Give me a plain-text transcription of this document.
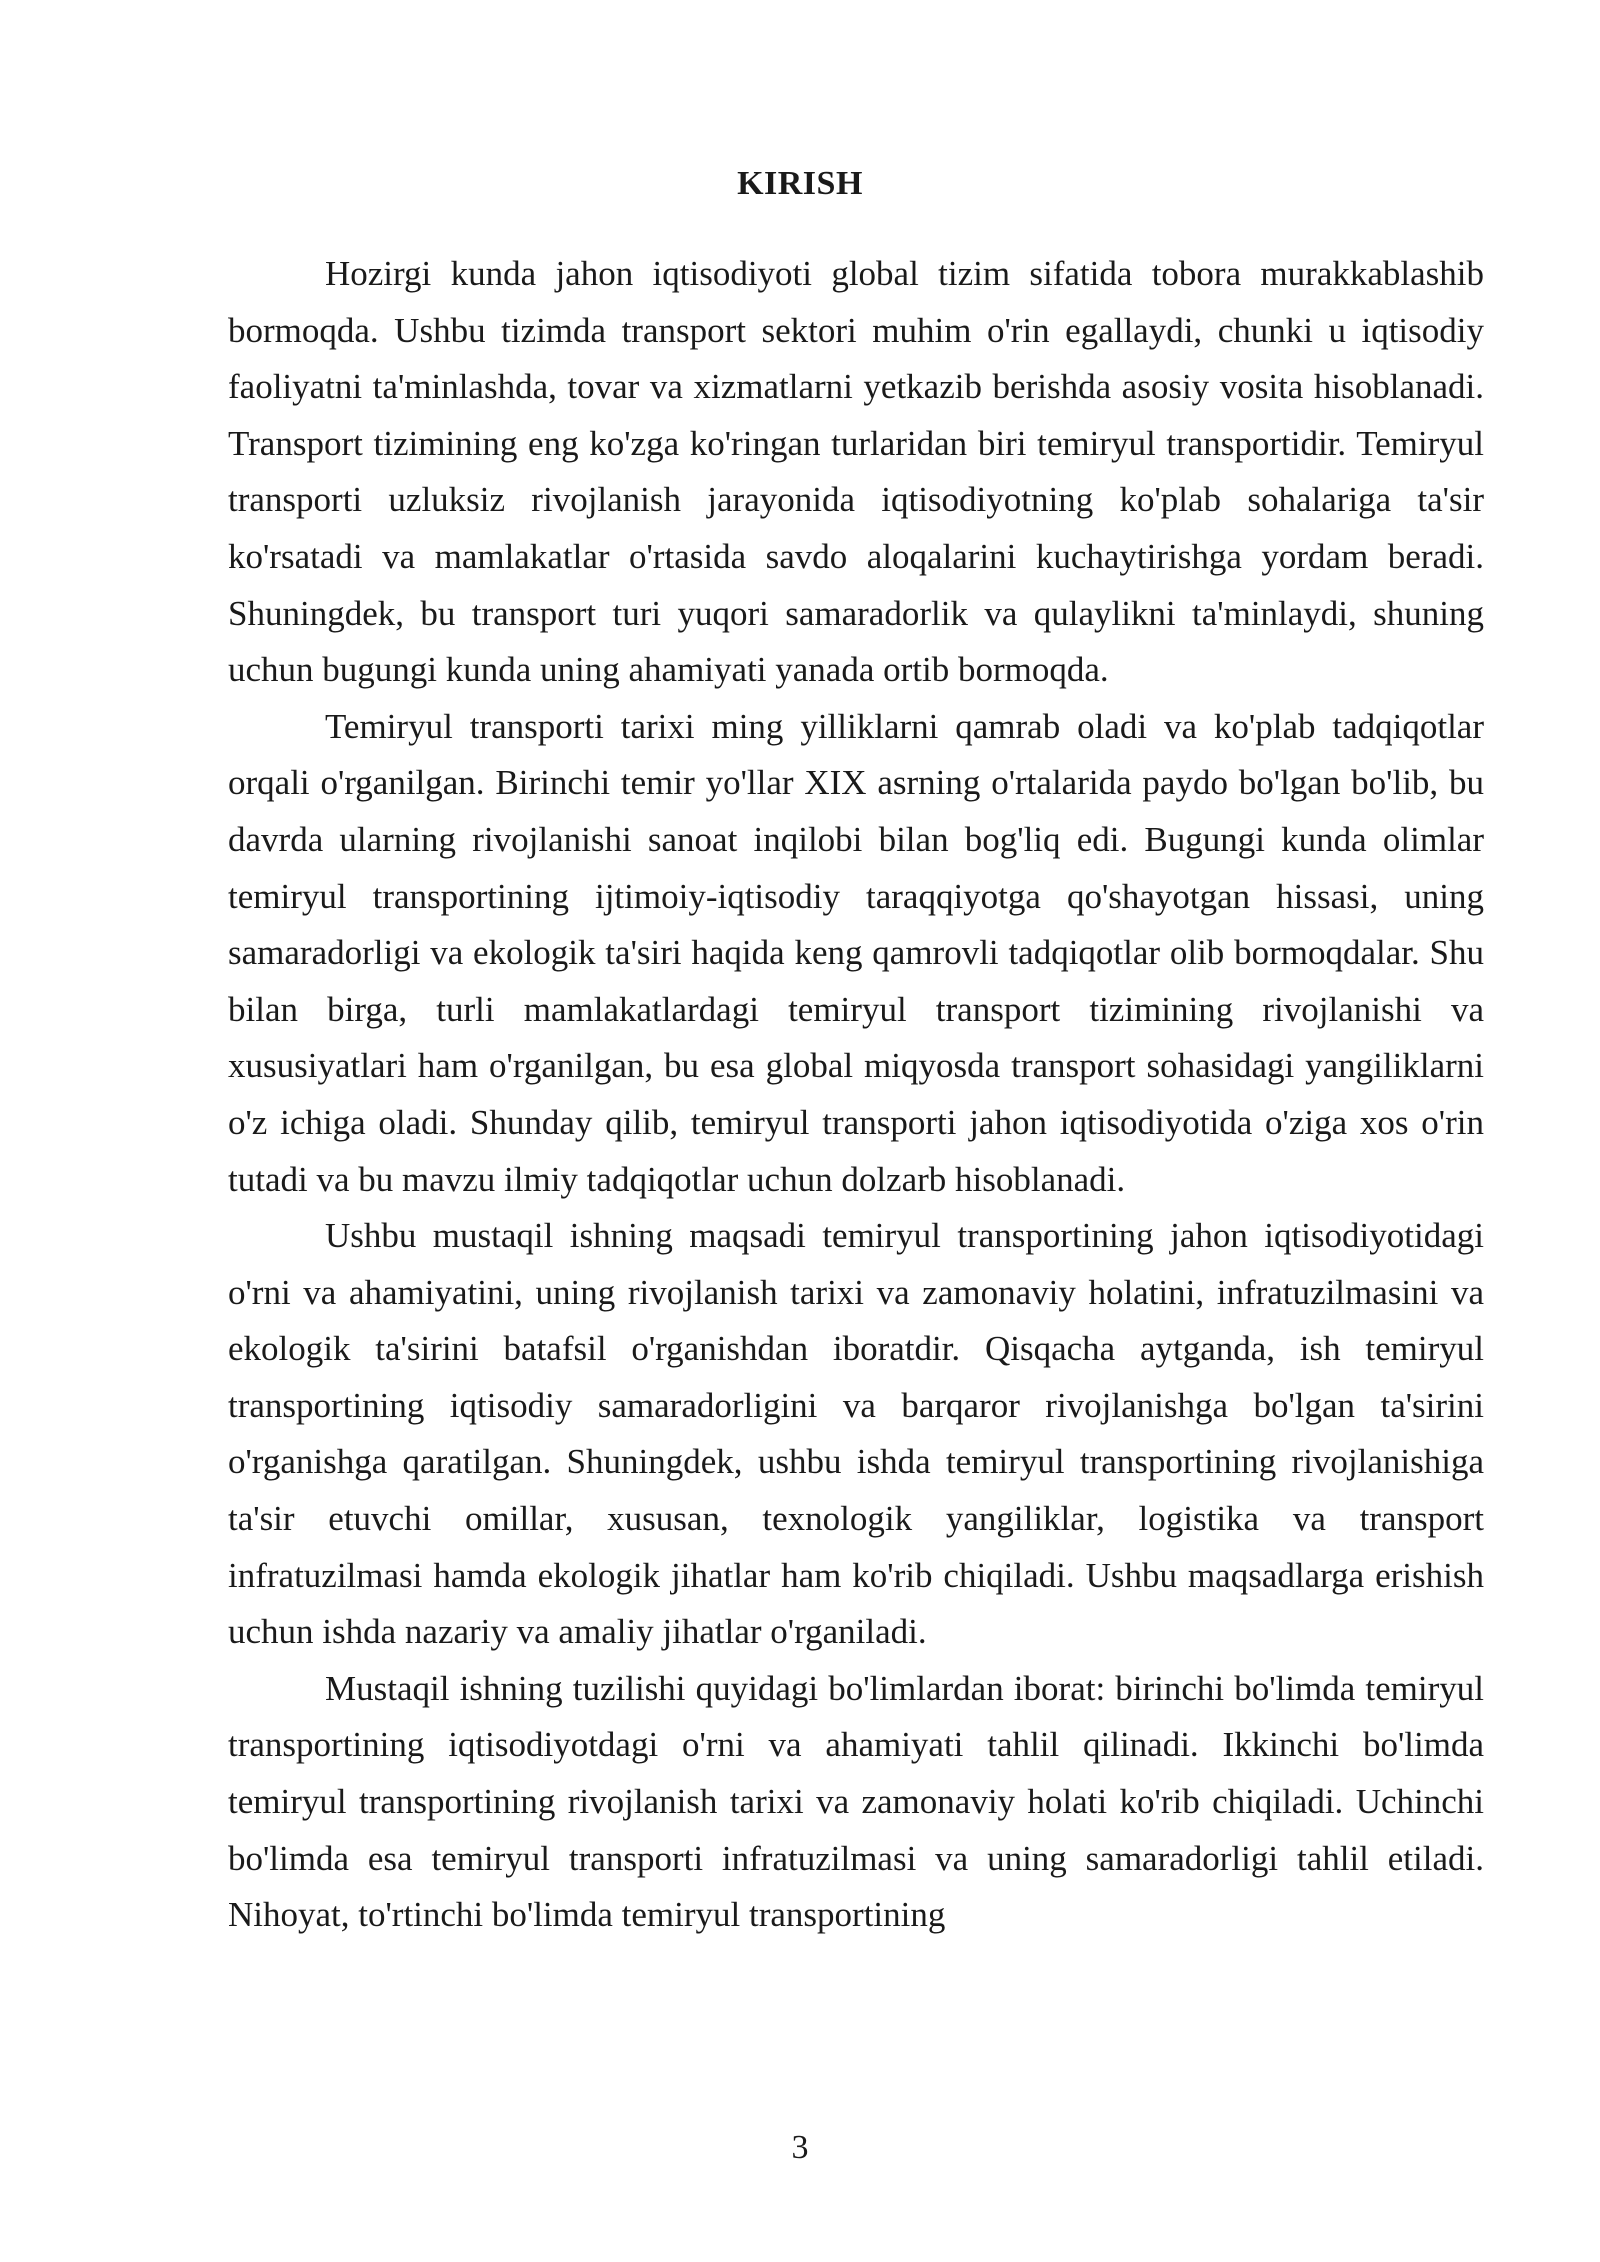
KIRISH

Hozirgi kunda jahon iqtisodiyoti global tizim sifatida tobora murakkablashib bormoqda. Ushbu tizimda transport sektori muhim o'rin egallaydi, chunki u iqtisodiy faoliyatni ta'minlashda, tovar va xizmatlarni yetkazib berishda asosiy vosita hisoblanadi. Transport tizimining eng ko'zga ko'ringan turlaridan biri temiryul transportidir. Temiryul transporti uzluksiz rivojlanish jarayonida iqtisodiyotning ko'plab sohalariga ta'sir ko'rsatadi va mamlakatlar o'rtasida savdo aloqalarini kuchaytirishga yordam beradi. Shuningdek, bu transport turi yuqori samaradorlik va qulaylikni ta'minlaydi, shuning uchun bugungi kunda uning ahamiyati yanada ortib bormoqda.

Temiryul transporti tarixi ming yilliklarni qamrab oladi va ko'plab tadqiqotlar orqali o'rganilgan. Birinchi temir yo'llar XIX asrning o'rtalarida paydo bo'lgan bo'lib, bu davrda ularning rivojlanishi sanoat inqilobi bilan bog'liq edi. Bugungi kunda olimlar temiryul transportining ijtimoiy-iqtisodiy taraqqiyotga qo'shayotgan hissasi, uning samaradorligi va ekologik ta'siri haqida keng qamrovli tadqiqotlar olib bormoqdalar. Shu bilan birga, turli mamlakatlardagi temiryul transport tizimining rivojlanishi va xususiyatlari ham o'rganilgan, bu esa global miqyosda transport sohasidagi yangiliklarni o'z ichiga oladi. Shunday qilib, temiryul transporti jahon iqtisodiyotida o'ziga xos o'rin tutadi va bu mavzu ilmiy tadqiqotlar uchun dolzarb hisoblanadi.

Ushbu mustaqil ishning maqsadi temiryul transportining jahon iqtisodiyotidagi o'rni va ahamiyatini, uning rivojlanish tarixi va zamonaviy holatini, infratuzilmasini va ekologik ta'sirini batafsil o'rganishdan iboratdir. Qisqacha aytganda, ish temiryul transportining iqtisodiy samaradorligini va barqaror rivojlanishga bo'lgan ta'sirini o'rganishga qaratilgan. Shuningdek, ushbu ishda temiryul transportining rivojlanishiga ta'sir etuvchi omillar, xususan, texnologik yangiliklar, logistika va transport infratuzilmasi hamda ekologik jihatlar ham ko'rib chiqiladi. Ushbu maqsadlarga erishish uchun ishda nazariy va amaliy jihatlar o'rganiladi.

Mustaqil ishning tuzilishi quyidagi bo'limlardan iborat: birinchi bo'limda temiryul transportining iqtisodiyotdagi o'rni va ahamiyati tahlil qilinadi. Ikkinchi bo'limda temiryul transportining rivojlanish tarixi va zamonaviy holati ko'rib chiqiladi. Uchinchi bo'limda esa temiryul transporti infratuzilmasi va uning samaradorligi tahlil etiladi. Nihoyat, to'rtinchi bo'limda temiryul transportining

3
